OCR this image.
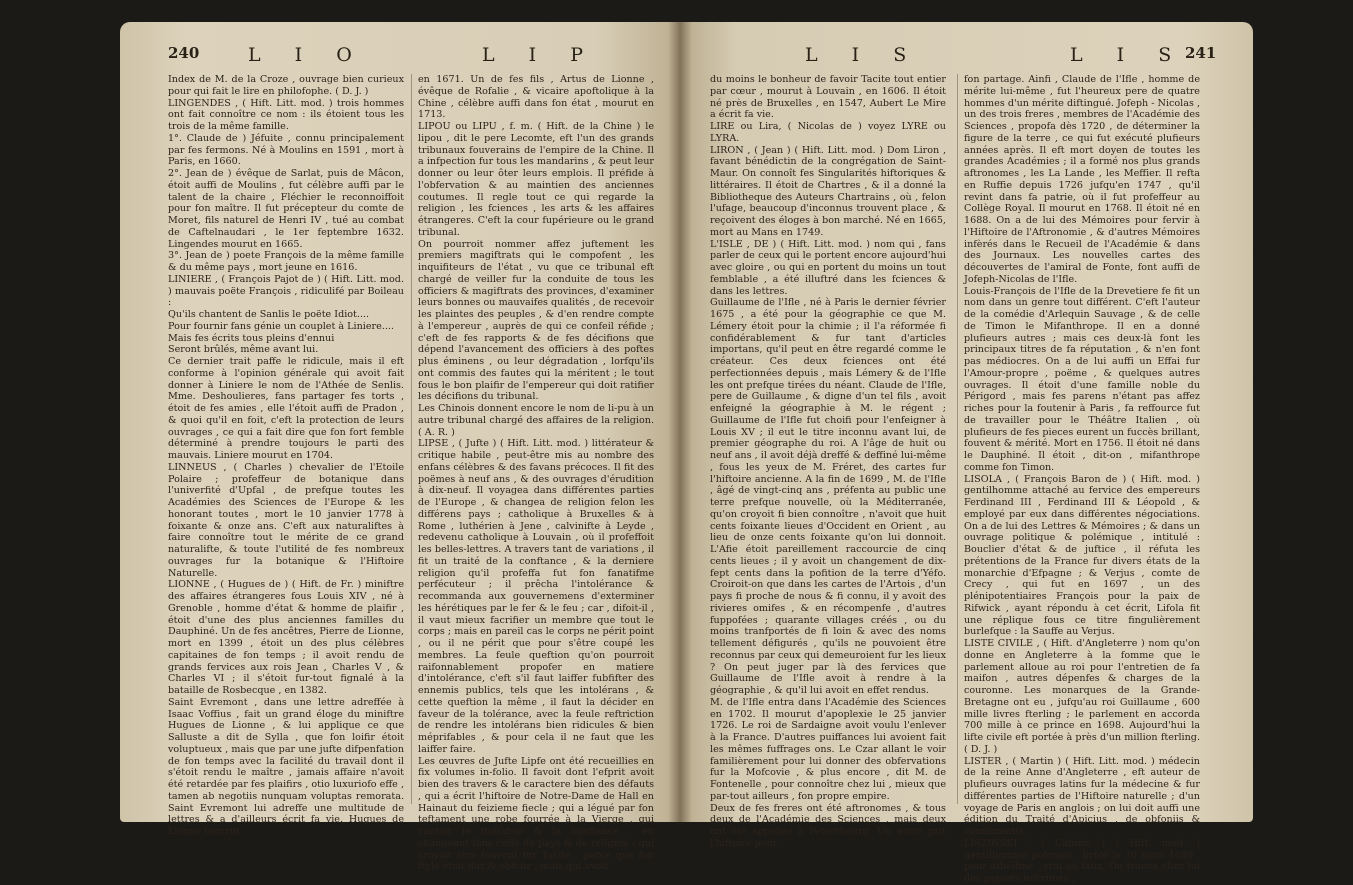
240	L I O	L I P
Index de M. de la Croze , ouvrage bien curieux pour qui fait le lire en philofophe. ( D. J. )
LINGENDES , ( Hift. Litt. mod. ) trois hommes ont fait connoître ce nom : ils étoient tous les trois de la même famille.
1°. Claude de ) Jéfuite , connu principalement par fes fermons. Né à Moulins en 1591 , mort à Paris, en 1660.
2°. Jean de ) évêque de Sarlat, puis de Mâcon, étoit auffi de Moulins , fut célèbre auffi par le talent de la chaire , Fléchier le reconnoiffoit pour fon maître. Il fut précepteur du comte de Moret, fils naturel de Henri IV , tué au combat de Caftelnaudari , le 1er feptembre 1632. Lingendes mourut en 1665.
3°. Jean de ) poete François de la même famille & du même pays , mort jeune en 1616.
LINIERE , ( François Pajot de ) ( Hift. Litt. mod. ) mauvais poëte François , ridiculifé par Boileau :
Qu'ils chantent de Sanlis le poëte Idiot....
Pour fournir fans génie un couplet à Liniere....
Mais fes écrits tous pleins d'ennui
Seront brûlés, même avant lui.
Ce dernier trait paffe le ridicule, mais il eft conforme à l'opinion générale qui avoit fait donner à Liniere le nom de l'Athée de Senlis. Mme. Deshoulieres, fans partager fes torts , étoit de fes amies , elle l'étoit auffi de Pradon , & quoi qu'il en foit, c'eft la protection de leurs ouvrages , ce qui a fait dire que fon fort femble déterminé à prendre toujours le parti des mauvais. Liniere mourut en 1704.
LINNEUS , ( Charles ) chevalier de l'Etoile Polaire ; profeffeur de botanique dans l'univerfité d'Upfal , de prefque toutes les Académies des Sciences de l'Europe & les honorant toutes , mort le 10 janvier 1778 à foixante & onze ans. C'eft aux naturaliftes à faire connoître tout le mérite de ce grand naturalifte, & toute l'utilité de fes nombreux ouvrages fur la botanique & l'Hiftoire Naturelle.
LIONNE , ( Hugues de ) ( Hift. de Fr. ) miniftre des affaires étrangeres fous Louis XIV , né à Grenoble , homme d'état & homme de plaifir , étoit d'une des plus anciennes familles du Dauphiné. Un de fes ancêtres, Pierre de Lionne, mort en 1399 , étoit un des plus célèbres capitaines de fon temps ; il avoit rendu de grands fervices aux rois Jean , Charles V , & Charles VI ; il s'étoit fur-tout fignalé à la bataille de Rosbecque , en 1382.
Saint Evremont , dans une lettre adreffée à Isaac Voffius , fait un grand éloge du miniftre Hugues de Lionne , & lui applique ce que Salluste a dit de Sylla , que fon loifir étoit voluptueux , mais que par une jufte difpenfation de fon temps avec la facilité du travail dont il s'étoit rendu le maître , jamais affaire n'avoit été retardée par fes plaifirs , otio luxuriofo effe , tamen ab negotiis nunquam voluptas remorata. Saint Evremont lui adreffe une multitude de lettres & a d'ailleurs écrit fa vie. Hugues de Lionne mourut
en 1671. Un de fes fils , Artus de Lionne , évêque de Rofalie , & vicaire apoftolique à la Chine , célèbre auffi dans fon état , mourut en 1713.
LIPOU ou LIPU , f. m. ( Hift. de la Chine ) le lipou , dit le pere Lecomte, eft l'un des grands tribunaux fouverains de l'empire de la Chine. Il a infpection fur tous les mandarins , & peut leur donner ou leur ôter leurs emplois. Il préfide à l'obfervation & au maintien des anciennes coutumes. Il regle tout ce qui regarde la religion , les fciences , les arts & les affaires étrangeres. C'eft la cour fupérieure ou le grand tribunal.
On pourroit nommer affez juftement les premiers magiftrats qui le compofent , les inquifiteurs de l'état , vu que ce tribunal eft chargé de veiller fur la conduite de tous les officiers & magiftrats des provinces, d'examiner leurs bonnes ou mauvaifes qualités , de recevoir les plaintes des peuples , & d'en rendre compte à l'empereur , auprès de qui ce confeil réfide ; c'eft de fes rapports & de fes décifions que dépend l'avancement des officiers à des poftes plus éminens , ou leur dégradation , lorfqu'ils ont commis des fautes qui la méritent ; le tout fous le bon plaifir de l'empereur qui doit ratifier les décifions du tribunal.
Les Chinois donnent encore le nom de li-pu à un autre tribunal chargé des affaires de la religion. ( A. R. )
LIPSE , ( Jufte ) ( Hift. Litt. mod. ) littérateur & critique habile , peut-être mis au nombre des enfans célèbres & des favans précoces. Il fit des poëmes à neuf ans , & des ouvrages d'érudition à dix-neuf. Il voyagea dans différentes parties de l'Europe , & changea de religion felon les différens pays ; catholique à Bruxelles & à Rome , luthérien à Jene , calvinifte à Leyde , redevenu catholique à Louvain , où il profeffoit les belles-lettres. A travers tant de variations , il fit un traité de la conftance , & la derniere religion qu'il profeffa fut fon fanatifme perfécuteur ; il prêcha l'intolérance & recommanda aux gouvernemens d'exterminer les hérétiques par le fer & le feu ; car , difoit-il , il vaut mieux facrifier un membre que tout le corps ; mais en pareil cas le corps ne périt point , ou il ne périt que pour s'être coupé les membres. La feule queftion qu'on pourroit raifonnablement propofer en matiere d'intolérance, c'eft s'il faut laiffer fubfifter des ennemis publics, tels que les intolérans , & cette queftion la même , il faut la décider en faveur de la tolérance, avec la feule reftriction de rendre les intolérans bien ridicules & bien méprifables , & pour cela il ne faut que les laiffer faire.
Les œuvres de Jufte Lipfe ont été recueillies en fix volumes in-folio. Il favoit dont l'efprit avoit bien des travers & le caractere bien des défauts , qui a écrit l'hiftoire de Notre-Dame de Hall en Hainaut du feizieme fiecle ; qui a légué par fon teftament une robe fourrée à la Vierge , qui vantoit le ftoïcifme & la conftance , en changeant fans ceffe de pays & de religion ; qui croyoit être fouvent fur Tacite , parce que fon ftyle étoit dur & obfcur , mais qui avoit
L I S	L I S 241
du moins le bonheur de favoir Tacite tout entier par cœur , mourut à Louvain , en 1606. Il étoit né près de Bruxelles , en 1547, Aubert Le Mire a écrit fa vie.
LIRE ou Lira, ( Nicolas de ) voyez LYRE ou LYRA.
LIRON , ( Jean ) ( Hift. Litt. mod. ) Dom Liron , favant bénédictin de la congrégation de Saint-Maur. On connoît fes Singularités hiftoriques & littéraires. Il étoit de Chartres , & il a donné la Bibliotheque des Auteurs Chartrains , où , felon l'ufage, beaucoup d'inconnus trouvent place , & reçoivent des éloges à bon marché. Né en 1665, mort au Mans en 1749.
L'ISLE , DE ) ( Hift. Litt. mod. ) nom qui , fans parler de ceux qui le portent encore aujourd'hui avec gloire , ou qui en portent du moins un tout femblable , a été illuftré dans les fciences & dans les lettres.
Guillaume de l'Ifle , né à Paris le dernier février 1675 , a été pour la géographie ce que M. Lémery étoit pour la chimie ; il l'a réformée fi confidérablement & fur tant d'articles importans, qu'il peut en être regardé comme le créateur. Ces deux fciences ont été perfectionnées depuis , mais Lémery & de l'Ifle les ont prefque tirées du néant. Claude de l'Ifle, pere de Guillaume , & digne d'un tel fils , avoit enfeigné la géographie à M. le régent ; Guillaume de l'Ifle fut choifi pour l'enfeigner à Louis XV ; il eut le titre inconnu avant lui, de premier géographe du roi. A l'âge de huit ou neuf ans , il avoit déjà dreffé & deffiné lui-même , fous les yeux de M. Fréret, des cartes fur l'hiftoire ancienne. A la fin de 1699 , M. de l'Ifle , âgé de vingt-cinq ans , préfenta au public une terre prefque nouvelle, où la Méditerranée, qu'on croyoit fi bien connoître , n'avoit que huit cents foixante lieues d'Occident en Orient , au lieu de onze cents foixante qu'on lui donnoit. L'Afie étoit pareillement raccourcie de cinq cents lieues ; il y avoit un changement de dix-fept cents dans la pofition de la terre d'Yéfo. Croiroit-on que dans les cartes de l'Artois , d'un pays fi proche de nous & fi connu, il y avoit des rivieres omifes , & en récompenfe , d'autres fuppofées ; quarante villages créés , ou du moins tranfportés de fi loin & avec des noms tellement défigurés , qu'ils ne pouvoient être reconnus par ceux qui demeuroient fur les lieux ? On peut juger par là des fervices que Guillaume de l'Ifle avoit à rendre à la géographie , & qu'il lui avoit en effet rendus.
M. de l'Ifle entra dans l'Académie des Sciences en 1702. Il mourut d'apoplexie le 25 janvier 1726. Le roi de Sardaigne avoit voulu l'enlever à la France. D'autres puiffances lui avoient fait les mêmes fuffrages ons. Le Czar allant le voir familièrement pour lui donner des obfervations fur la Mofcovie , & plus encore , dit M. de Fontenelle , pour connoître chez lui , mieux que par-tout ailleurs , fon propre empire.
Deux de fes freres ont été aftronomes , & tous deux de l'Académie des Sciences , mais deux ont été appellés à Pétersbourg. Un autre prit l'hiftoire pour
fon partage. Ainfi , Claude de l'Ifle , homme de mérite lui-même , fut l'heureux pere de quatre hommes d'un mérite diftingué. Jofeph - Nicolas , un des trois freres , membres de l'Académie des Sciences , propofa dès 1720 , de déterminer la figure de la terre , ce qui fut exécuté plufieurs années après. Il eft mort doyen de toutes les grandes Académies ; il a formé nos plus grands aftronomes , les La Lande , les Meffier. Il refta en Ruffie depuis 1726 jufqu'en 1747 , qu'il revint dans fa patrie, où il fut profeffeur au Collège Royal. Il mourut en 1768. Il étoit né en 1688. On a de lui des Mémoires pour fervir à l'Hiftoire de l'Aftronomie , & d'autres Mémoires infèrés dans le Recueil de l'Académie & dans des Journaux. Les nouvelles cartes des découvertes de l'amiral de Fonte, font auffi de Jofeph-Nicolas de l'Ifle.
Louis-François de l'Ifle de la Drevetiere fe fit un nom dans un genre tout différent. C'eft l'auteur de la comédie d'Arlequin Sauvage , & de celle de Timon le Mifanthrope. Il en a donné plufieurs autres ; mais ces deux-là font les principaux titres de fa réputation , & n'en font pas médiocres. On a de lui auffi un Effai fur l'Amour-propre , poëme , & quelques autres ouvrages. Il étoit d'une famille noble du Périgord , mais fes parens n'étant pas affez riches pour la foutenir à Paris , fa reffource fut de travailler pour le Théâtre Italien , où plufieurs de fes pieces eurent un fuccès brillant, fouvent & mérité. Mort en 1756. Il étoit né dans le Dauphiné. Il étoit , dit-on , mifanthrope comme fon Timon.
LISOLA , ( François Baron de ) ( Hift. mod. ) gentilhomme attaché au fervice des empereurs Ferdinand III , Ferdinand III & Léopold , & employé par eux dans différentes négociations. On a de lui des Lettres & Mémoires ; & dans un ouvrage politique & polémique , intitulé : Bouclier d'état & de juftice , il réfuta les prétentions de la France fur divers états de la monarchie d'Efpagne ; & Verjus , comte de Crecy , qui fut en 1697 , un des plénipotentiaires François pour la paix de Rifwick , ayant répondu à cet écrit, Lifola fit une réplique fous ce titre fingulièrement burlefque : la Sauffe au Verjus.
LISTE CIVILE , ( Hift. d'Angleterre ) nom qu'on donne en Angleterre à la fomme que le parlement alloue au roi pour l'entretien de fa maifon , autres dépenfes & charges de la couronne. Les monarques de la Grande-Bretagne ont eu , jufqu'au roi Guillaume , 600 mille livres fterling ; le parlement en accorda 700 mille à ce prince en 1698. Aujourd'hui la lifte civile eft portée à près d'un million fterling. ( D. J. )
LISTER , ( Martin ) ( Hift. Litt. mod. ) médecin de la reine Anne d'Angleterre , eft auteur de plufieurs ouvrages latins fur la médecine & fur différentes parties de l'Hiftoire naturelle ; d'un voyage de Paris en anglois ; on lui doit auffi une édition du Traité d'Apicius , de obfoniis & condimentis.
LISZINSKI , ( Cafimir ) ( Hift. mod. ) gentilhomme polonois , brûlé le 30 mars 1689 , pour athéifme , vrai ou faux. On trouva chez lui des papiers infcrimés ,
